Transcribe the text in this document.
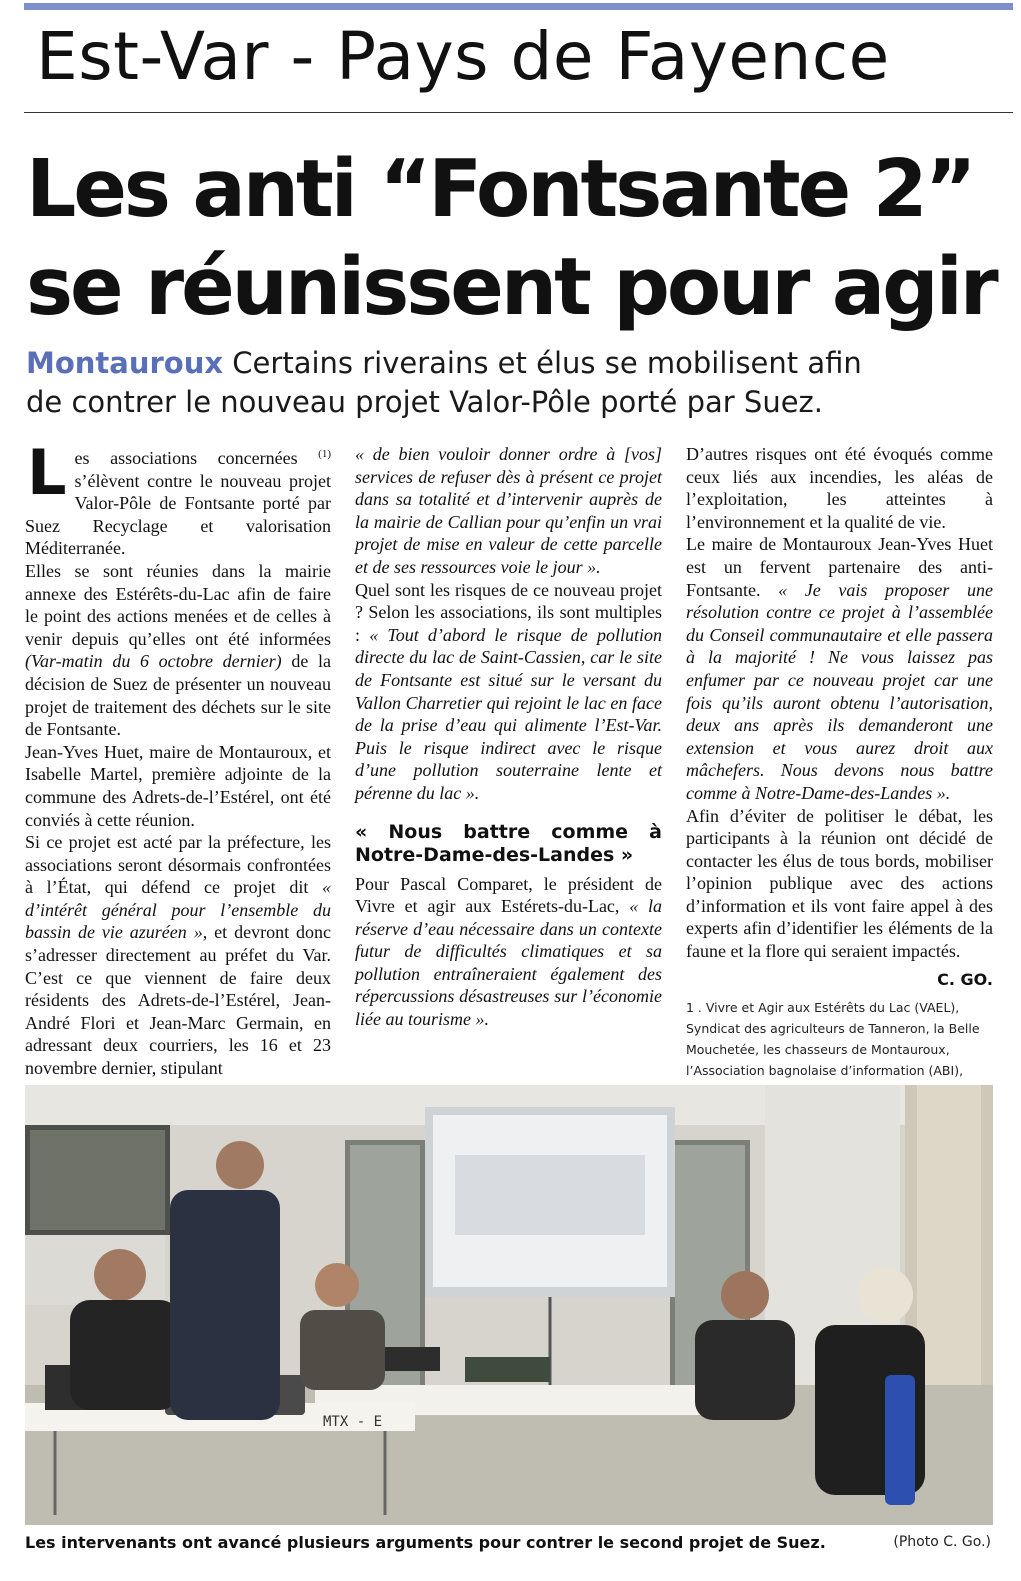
Est-Var - Pays de Fayence
Les anti “Fontsante 2”
se réunissent pour agir
Montauroux Certains riverains et élus se mobilisent afin
de contrer le nouveau projet Valor-Pôle porté par Suez.

Les associations concernées $^{(1)}$ s’élèvent contre le nouveau projet Valor-Pôle de Fontsante porté par Suez Recyclage et valorisation Méditerranée.

Elles se sont réunies dans la mairie annexe des Estérêts-du-Lac afin de faire le point des actions menées et de celles à venir depuis qu’elles ont été informées (Var-matin du 6 octobre dernier) de la décision de Suez de présenter un nouveau projet de traitement des déchets sur le site de Fontsante.

Jean-Yves Huet, maire de Montauroux, et Isabelle Martel, première adjointe de la commune des Adrets-de-l’Estérel, ont été conviés à cette réunion.

Si ce projet est acté par la préfecture, les associations seront désormais confrontées à l’État, qui défend ce projet dit « d’intérêt général pour l’ensemble du bassin de vie azuréen », et devront donc s’adresser directement au préfet du Var. C’est ce que viennent de faire deux résidents des Adrets-de-l’Estérel, Jean-André Flori et Jean-Marc Germain, en adressant deux courriers, les 16 et 23 novembre dernier, stipulant

« de bien vouloir donner ordre à [vos] services de refuser dès à présent ce projet dans sa totalité et d’intervenir auprès de la mairie de Callian pour qu’enfin un vrai projet de mise en valeur de cette parcelle et de ses ressources voie le jour ».

Quel sont les risques de ce nouveau projet ? Selon les associations, ils sont multiples : « Tout d’abord le risque de pollution directe du lac de Saint-Cassien, car le site de Fontsante est situé sur le versant du Vallon Charretier qui rejoint le lac en face de la prise d’eau qui alimente l’Est-Var. Puis le risque indirect avec le risque d’une pollution souterraine lente et pérenne du lac ».

« Nous battre comme à Notre-Dame-des-Landes »

Pour Pascal Comparet, le président de Vivre et agir aux Estérets-du-Lac, « la réserve d’eau nécessaire dans un contexte futur de difficultés climatiques et sa pollution entraîneraient également des répercussions désastreuses sur l’économie liée au tourisme ».

D’autres risques ont été évoqués comme ceux liés aux incendies, les aléas de l’exploitation, les atteintes à l’environnement et la qualité de vie.

Le maire de Montauroux Jean-Yves Huet est un fervent partenaire des anti-Fontsante. « Je vais proposer une résolution contre ce projet à l’assemblée du Conseil communautaire et elle passera à la majorité ! Ne vous laissez pas enfumer par ce nouveau projet car une fois qu’ils auront obtenu l’autorisation, deux ans après ils demanderont une extension et vous aurez droit aux mâchefers. Nous devons nous battre comme à Notre-Dame-des-Landes ».

Afin d’éviter de politiser le débat, les participants à la réunion ont décidé de contacter les élus de tous bords, mobiliser l’opinion publique avec des actions d’information et ils vont faire appel à des experts afin d’identifier les éléments de la faune et la flore qui seraient impactés.

C. GO.
1 . Vivre et Agir aux Estérêts du Lac (VAEL), Syndicat des agriculteurs de Tanneron, la Belle Mouchetée, les chasseurs de Montauroux, l’Association bagnolaise d’information (ABI),
MTX - E
Les intervenants ont avancé plusieurs arguments pour contrer le second projet de Suez.	(Photo C. Go.)
